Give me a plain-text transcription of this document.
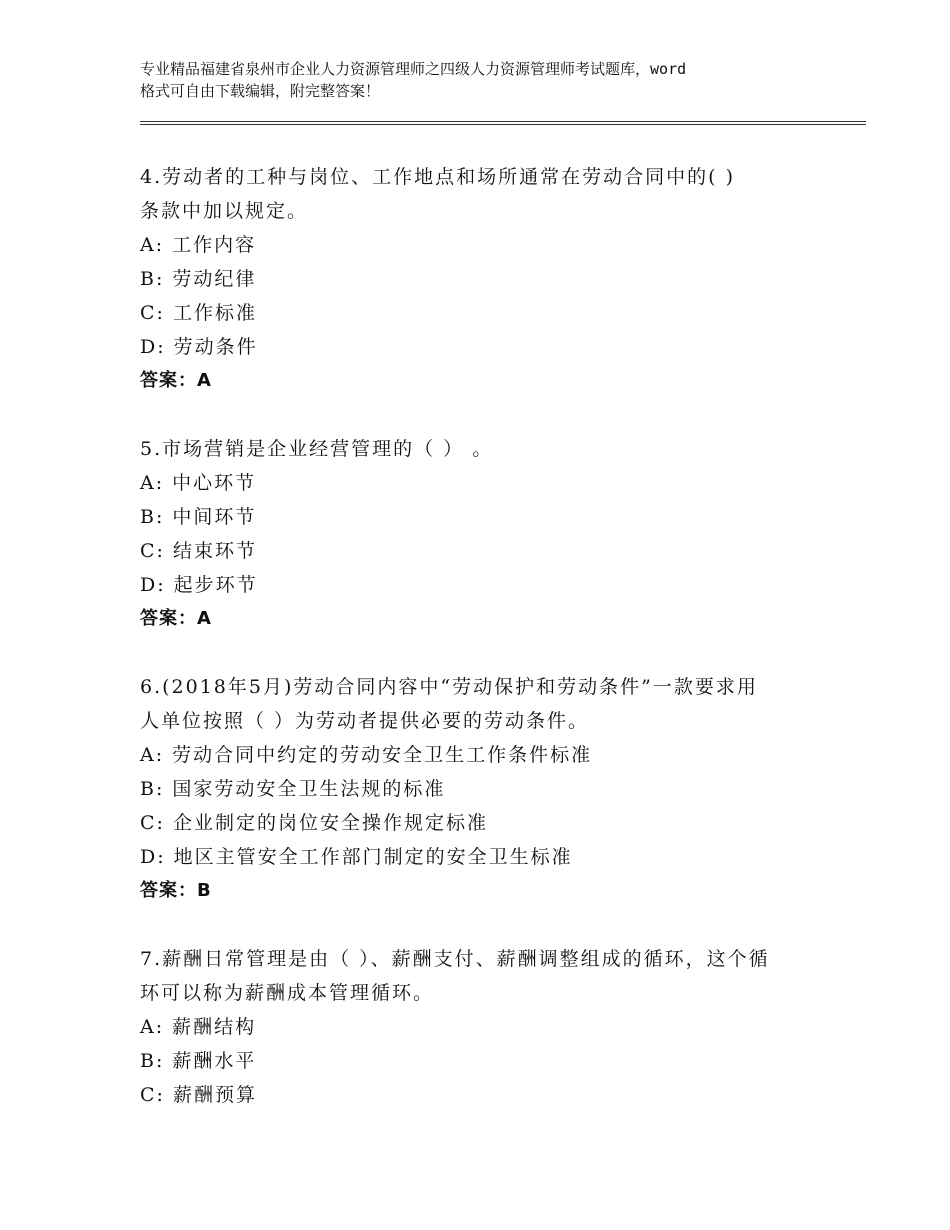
专业精品福建省泉州市企业人力资源管理师之四级人力资源管理师考试题库，word
格式可自由下载编辑，附完整答案！
4.劳动者的工种与岗位、工作地点和场所通常在劳动合同中的( )
条款中加以规定。
A: 工作内容
B: 劳动纪律
C: 工作标准
D: 劳动条件
答案：A
5.市场营销是企业经营管理的（ ） 。
A: 中心环节
B: 中间环节
C: 结束环节
D: 起步环节
答案：A
6.(2018年5月)劳动合同内容中“劳动保护和劳动条件”一款要求用
人单位按照（ ）为劳动者提供必要的劳动条件。
A: 劳动合同中约定的劳动安全卫生工作条件标准
B: 国家劳动安全卫生法规的标准
C: 企业制定的岗位安全操作规定标准
D: 地区主管安全工作部门制定的安全卫生标准
答案：B
7.薪酬日常管理是由（ ）、薪酬支付、薪酬调整组成的循环，这个循
环可以称为薪酬成本管理循环。
A: 薪酬结构
B: 薪酬水平
C: 薪酬预算
